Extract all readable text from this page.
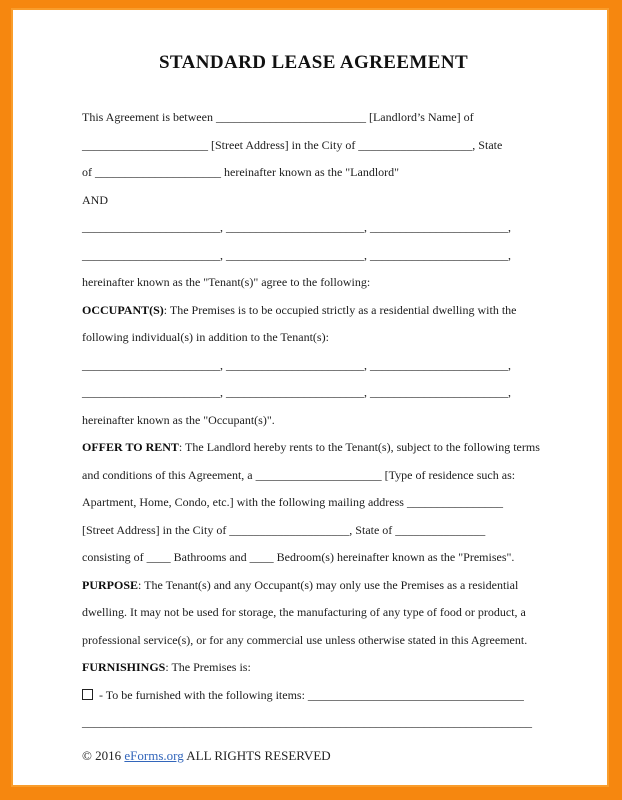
STANDARD LEASE AGREEMENT
This Agreement is between _________________________ [Landlord’s Name] of
_____________________ [Street Address] in the City of ___________________, State
of _____________________ hereinafter known as the "Landlord"
AND
_______________________, _______________________, _______________________,
_______________________, _______________________, _______________________,
hereinafter known as the "Tenant(s)" agree to the following:
OCCUPANT(S): The Premises is to be occupied strictly as a residential dwelling with the
following individual(s) in addition to the Tenant(s):
_______________________, _______________________, _______________________,
_______________________, _______________________, _______________________,
hereinafter known as the "Occupant(s)".
OFFER TO RENT: The Landlord hereby rents to the Tenant(s), subject to the following terms
and conditions of this Agreement, a _____________________ [Type of residence such as:
Apartment, Home, Condo, etc.] with the following mailing address ________________
[Street Address] in the City of ____________________, State of _______________
consisting of ____ Bathrooms and ____ Bedroom(s) hereinafter known as the "Premises".
PURPOSE: The Tenant(s) and any Occupant(s) may only use the Premises as a residential
dwelling. It may not be used for storage, the manufacturing of any type of food or product, a
professional service(s), or for any commercial use unless otherwise stated in this Agreement.
FURNISHINGS: The Premises is:
- To be furnished with the following items: ____________________________________
___________________________________________________________________________
© 2016 eForms.org ALL RIGHTS RESERVED
